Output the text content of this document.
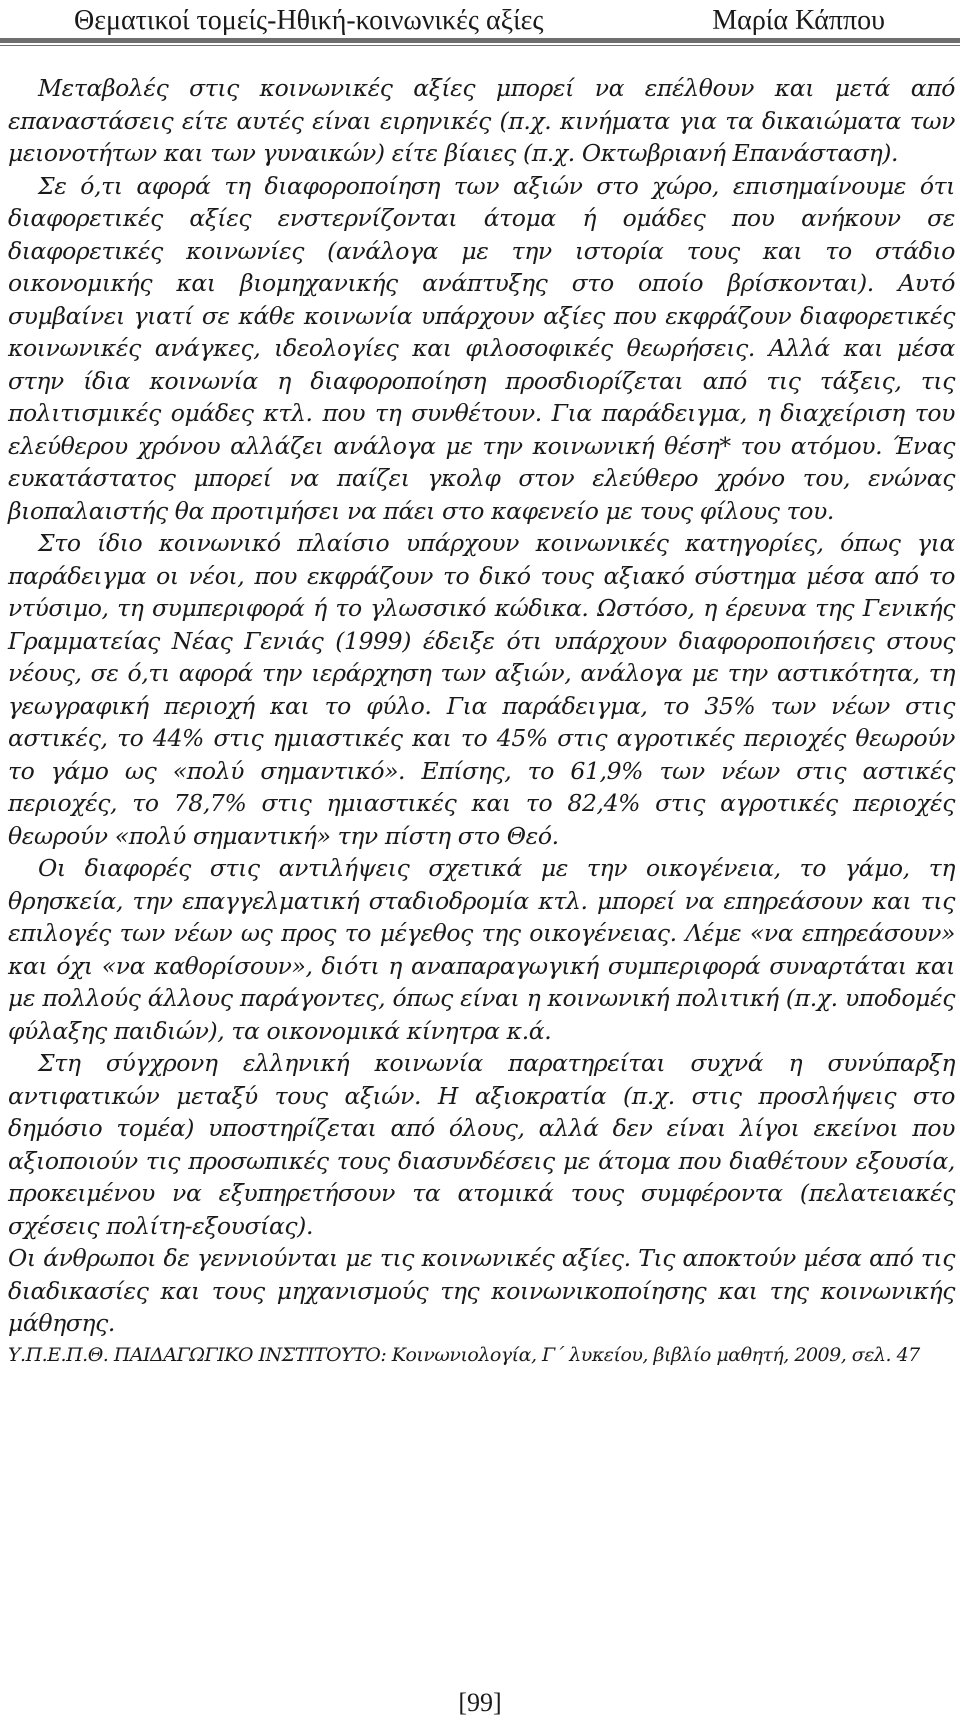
Θεματικοί τομείς-Ηθική-κοινωνικές αξίες	Μαρία Κάππου

Μεταβολές στις κοινωνικές αξίες μπορεί να επέλθουν και μετά από επαναστάσεις είτε αυτές είναι ειρηνικές (π.χ. κινήματα για τα δικαιώματα των μειονοτήτων και των γυναικών) είτε βίαιες (π.χ. Οκτωβριανή Επανάσταση).

Σε ό,τι αφορά τη διαφοροποίηση των αξιών στο χώρο, επισημαίνουμε ότι διαφορετικές αξίες ενστερνίζονται άτομα ή ομάδες που ανήκουν σε διαφορετικές κοινωνίες (ανάλογα με την ιστορία τους και το στάδιο οικονομικής και βιομηχανικής ανάπτυξης στο οποίο βρίσκονται). Αυτό συμβαίνει γιατί σε κάθε κοινωνία υπάρχουν αξίες που εκφράζουν διαφορετικές κοινωνικές ανάγκες, ιδεολογίες και φιλοσοφικές θεωρήσεις. Αλλά και μέσα στην ίδια κοινωνία η διαφοροποίηση προσδιορίζεται από τις τάξεις, τις πολιτισμικές ομάδες κτλ. που τη συνθέτουν. Για παράδειγμα, η διαχείριση του ελεύθερου χρόνου αλλάζει ανάλογα με την κοινωνική θέση* του ατόμου. Ένας ευκατάστατος μπορεί να παίζει γκολφ στον ελεύθερο χρόνο του, ενώνας βιοπαλαιστής θα προτιμήσει να πάει στο καφενείο με τους φίλους του.

Στο ίδιο κοινωνικό πλαίσιο υπάρχουν κοινωνικές κατηγορίες, όπως για παράδειγμα οι νέοι, που εκφράζουν το δικό τους αξιακό σύστημα μέσα από το ντύσιμο, τη συμπεριφορά ή το γλωσσικό κώδικα. Ωστόσο, η έρευνα της Γενικής Γραμματείας Νέας Γενιάς (1999) έδειξε ότι υπάρχουν διαφοροποιήσεις στους νέους, σε ό,τι αφορά την ιεράρχηση των αξιών, ανάλογα με την αστικότητα, τη γεωγραφική περιοχή και το φύλο. Για παράδειγμα, το 35% των νέων στις αστικές, το 44% στις ημιαστικές και το 45% στις αγροτικές περιοχές θεωρούν το γάμο ως «πολύ σημαντικό». Επίσης, το 61,9% των νέων στις αστικές περιοχές, το 78,7% στις ημιαστικές και το 82,4% στις αγροτικές περιοχές θεωρούν «πολύ σημαντική» την πίστη στο Θεό.

Οι διαφορές στις αντιλήψεις σχετικά με την οικογένεια, το γάμο, τη θρησκεία, την επαγγελματική σταδιοδρομία κτλ. μπορεί να επηρεάσουν και τις επιλογές των νέων ως προς το μέγεθος της οικογένειας. Λέμε «να επηρεάσουν» και όχι «να καθορίσουν», διότι η αναπαραγωγική συμπεριφορά συναρτάται και με πολλούς άλλους παράγοντες, όπως είναι η κοινωνική πολιτική (π.χ. υποδομές φύλαξης παιδιών), τα οικονομικά κίνητρα κ.ά.

Στη σύγχρονη ελληνική κοινωνία παρατηρείται συχνά η συνύπαρξη αντιφατικών μεταξύ τους αξιών. Η αξιοκρατία (π.χ. στις προσλήψεις στο δημόσιο τομέα) υποστηρίζεται από όλους, αλλά δεν είναι λίγοι εκείνοι που αξιοποιούν τις προσωπικές τους διασυνδέσεις με άτομα που διαθέτουν εξουσία, προκειμένου να εξυπηρετήσουν τα ατομικά τους συμφέροντα (πελατειακές σχέσεις πολίτη-εξουσίας).

Οι άνθρωποι δε γεννιούνται με τις κοινωνικές αξίες. Τις αποκτούν μέσα από τις διαδικασίες και τους μηχανισμούς της κοινωνικοποίησης και της κοινωνικής μάθησης.

Υ.Π.Ε.Π.Θ. ΠΑΙΔΑΓΩΓΙΚΟ ΙΝΣΤΙΤΟΥΤΟ: Κοινωνιολογία, Γ΄ λυκείου, βιβλίο μαθητή, 2009, σελ. 47
[99]
